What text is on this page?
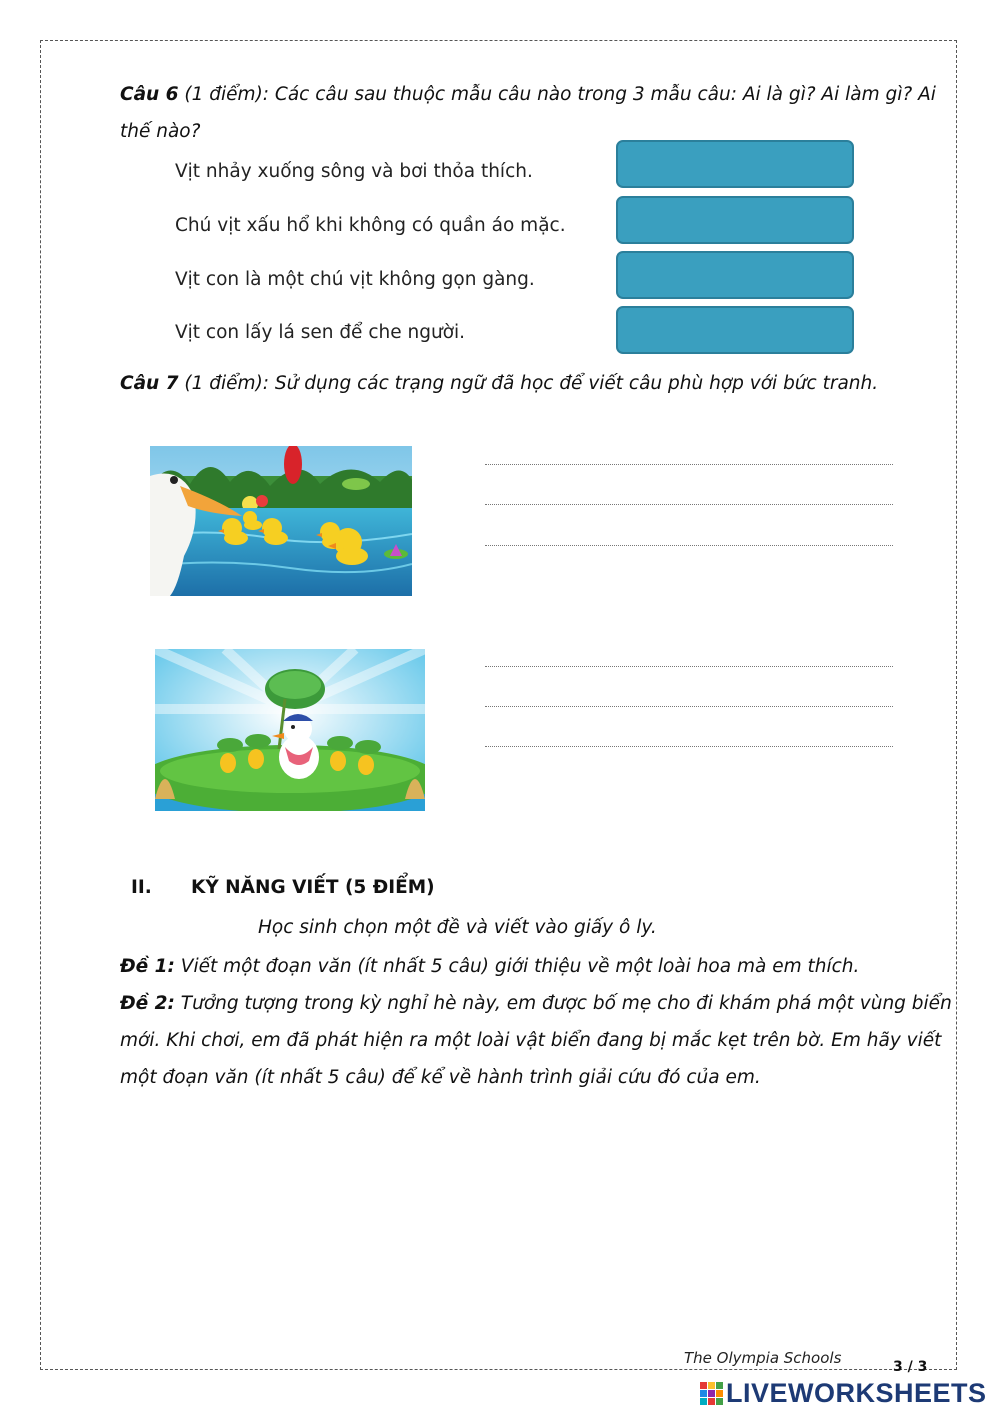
Câu 6 (1 điểm): Các câu sau thuộc mẫu câu nào trong 3 mẫu câu: Ai là gì? Ai làm gì? Ai
thế nào?
Vịt nhảy xuống sông và bơi thỏa thích.
Chú vịt xấu hổ khi không có quần áo mặc.
Vịt con là một chú vịt không gọn gàng.
Vịt con lấy lá sen để che người.
Câu 7 (1 điểm): Sử dụng các trạng ngữ đã học để viết câu phù hợp với bức tranh.
II. KỸ NĂNG VIẾT (5 ĐIỂM)
Học sinh chọn một đề và viết vào giấy ô ly.
Đề 1: Viết một đoạn văn (ít nhất 5 câu) giới thiệu về một loài hoa mà em thích.
Đề 2: Tưởng tượng trong kỳ nghỉ hè này, em được bố mẹ cho đi khám phá một vùng biển
mới. Khi chơi, em đã phát hiện ra một loài vật biển đang bị mắc kẹt trên bờ. Em hãy viết
một đoạn văn (ít nhất 5 câu) để kể về hành trình giải cứu đó của em.
The Olympia Schools	3 / 3
LIVEWORKSHEETS
